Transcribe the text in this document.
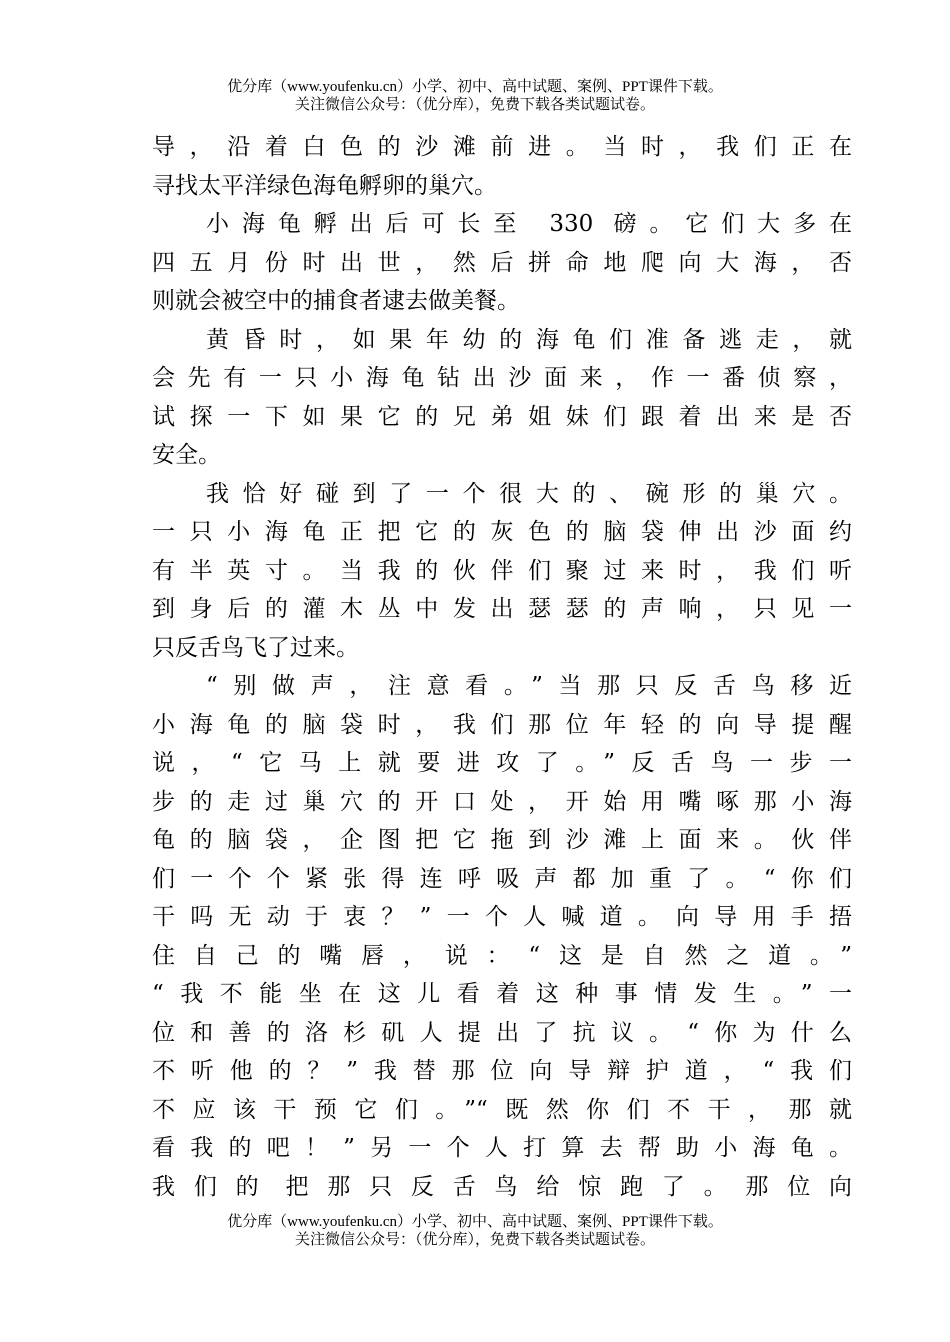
优分库（www.youfenku.cn）小学、初中、高中试题、案例、PPT课件下载。
关注微信公众号：（优分库），免费下载各类试题试卷。
导，沿着白色的沙滩前进。当时，我们正在
寻找太平洋绿色海龟孵卵的巢穴。
小海龟孵出后可长至 330 磅。它们大多在
四五月份时出世，然后拼命地爬向大海，否
则就会被空中的捕食者逮去做美餐。
黄昏时，如果年幼的海龟们准备逃走，就
会先有一只小海龟钻出沙面来，作一番侦察，
试探一下如果它的兄弟姐妹们跟着出来是否
安全。
我恰好碰到了一个很大的、碗形的巢穴。
一只小海龟正把它的灰色的脑袋伸出沙面约
有半英寸。当我的伙伴们聚过来时，我们听
到身后的灌木丛中发出瑟瑟的声响，只见一
只反舌鸟飞了过来。
“别做声，注意看。”当那只反舌鸟移近
小海龟的脑袋时，我们那位年轻的向导提醒
说，“它马上就要进攻了。”反舌鸟一步一
步的走过巢穴的开口处，开始用嘴啄那小海
龟的脑袋，企图把它拖到沙滩上面来。伙伴
们一个个紧张得连呼吸声都加重了。“你们
干吗无动于衷？”一个人喊道。向导用手捂
住自己的嘴唇，说：“这是自然之道。”
“我不能坐在这儿看着这种事情发生。”一
位和善的洛杉矶人提出了抗议。“你为什么
不听他的？”我替那位向导辩护道，“我们
不应该干预它们。”“既然你们不干，那就
看我的吧！”另一个人打算去帮助小海龟。
我们的 把那只反舌鸟给惊跑了。那位向
优分库（www.youfenku.cn）小学、初中、高中试题、案例、PPT课件下载。
关注微信公众号：（优分库），免费下载各类试题试卷。
